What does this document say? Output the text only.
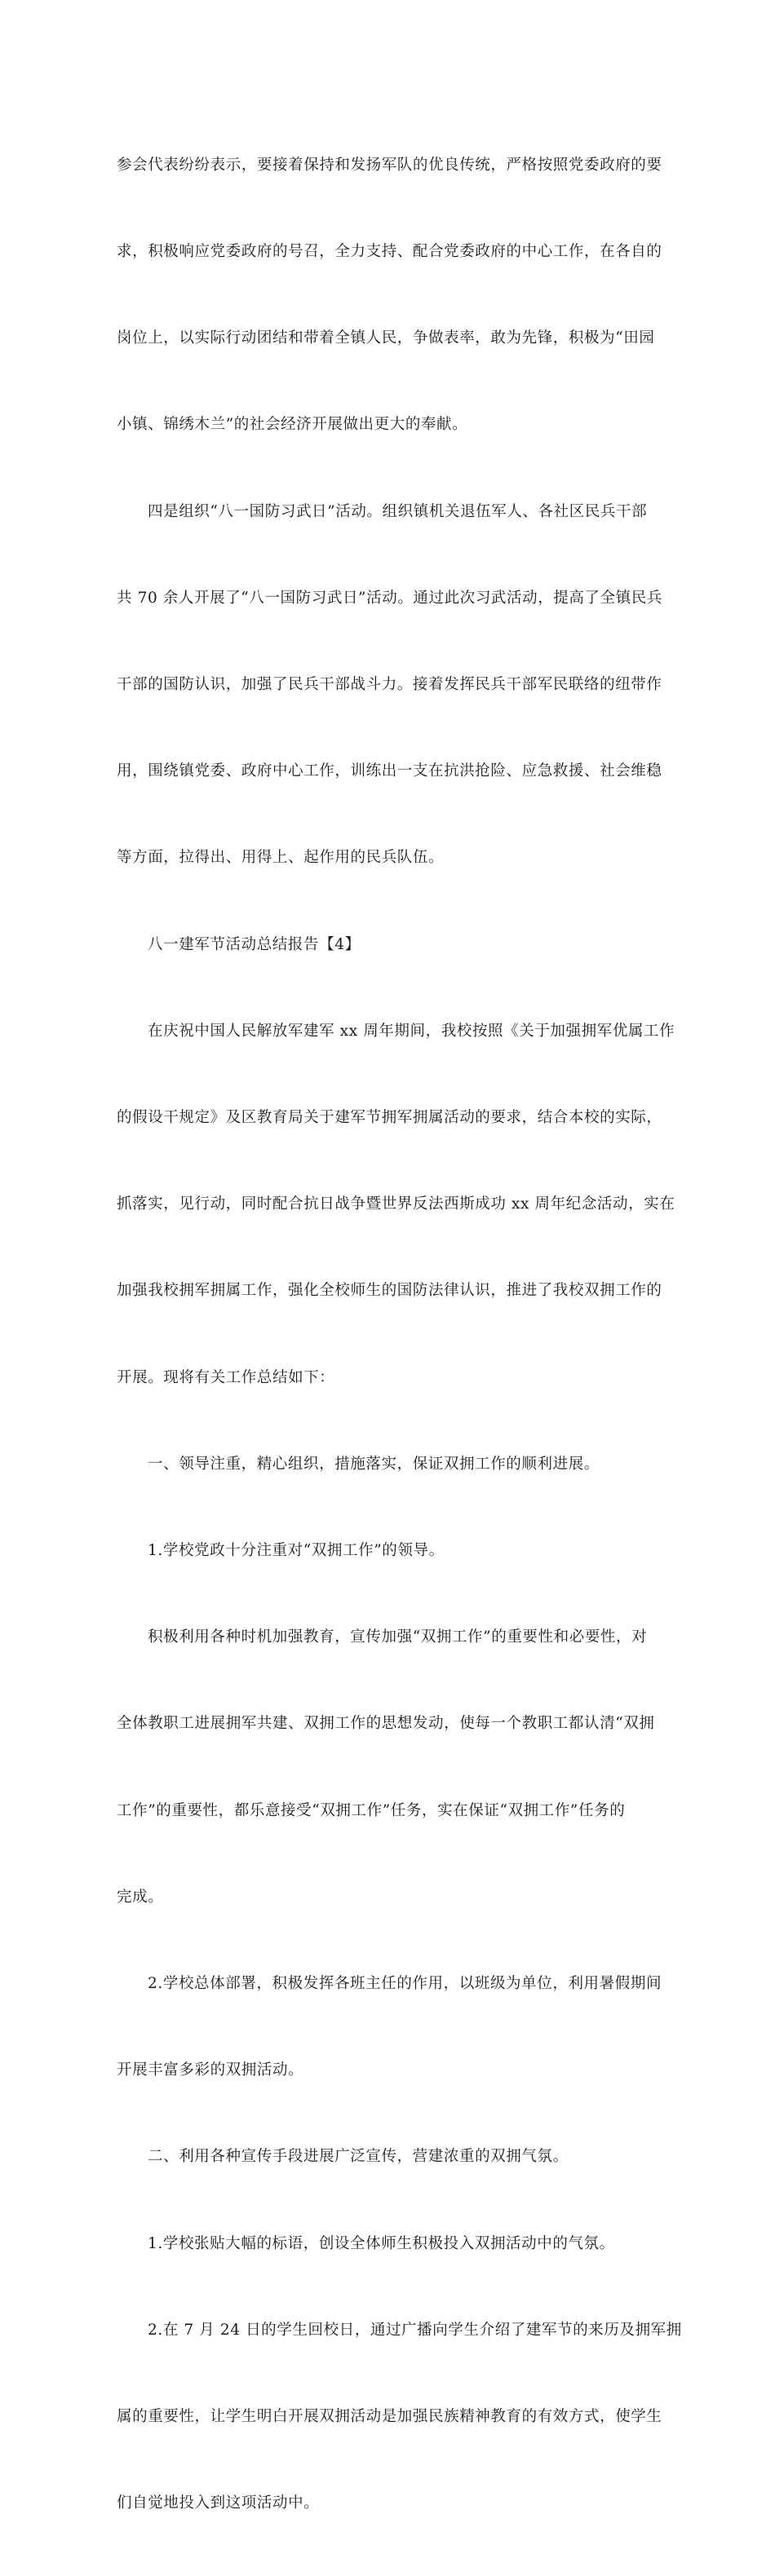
参会代表纷纷表示，要接着保持和发扬军队的优良传统，严格按照党委政府的要

求，积极响应党委政府的号召，全力支持、配合党委政府的中心工作，在各自的

岗位上，以实际行动团结和带着全镇人民，争做表率，敢为先锋，积极为“田园

小镇、锦绣木兰”的社会经济开展做出更大的奉献。

四是组织“八一国防习武日”活动。组织镇机关退伍军人、各社区民兵干部

共 70 余人开展了“八一国防习武日”活动。通过此次习武活动，提高了全镇民兵

干部的国防认识，加强了民兵干部战斗力。接着发挥民兵干部军民联络的纽带作

用，围绕镇党委、政府中心工作，训练出一支在抗洪抢险、应急救援、社会维稳

等方面，拉得出、用得上、起作用的民兵队伍。

八一建军节活动总结报告【4】

在庆祝中国人民解放军建军 xx 周年期间，我校按照《关于加强拥军优属工作

的假设干规定》及区教育局关于建军节拥军拥属活动的要求，结合本校的实际，

抓落实，见行动，同时配合抗日战争暨世界反法西斯成功 xx 周年纪念活动，实在

加强我校拥军拥属工作，强化全校师生的国防法律认识，推进了我校双拥工作的

开展。现将有关工作总结如下：

一、领导注重，精心组织，措施落实，保证双拥工作的顺利进展。

1.学校党政十分注重对“双拥工作”的领导。

积极利用各种时机加强教育，宣传加强“双拥工作”的重要性和必要性，对

全体教职工进展拥军共建、双拥工作的思想发动，使每一个教职工都认清“双拥

工作”的重要性，都乐意接受“双拥工作”任务，实在保证“双拥工作”任务的

完成。

2.学校总体部署，积极发挥各班主任的作用，以班级为单位，利用暑假期间

开展丰富多彩的双拥活动。

二、利用各种宣传手段进展广泛宣传，营建浓重的双拥气氛。

1.学校张贴大幅的标语，创设全体师生积极投入双拥活动中的气氛。

2.在 7 月 24 日的学生回校日，通过广播向学生介绍了建军节的来历及拥军拥

属的重要性，让学生明白开展双拥活动是加强民族精神教育的有效方式，使学生

们自觉地投入到这项活动中。
